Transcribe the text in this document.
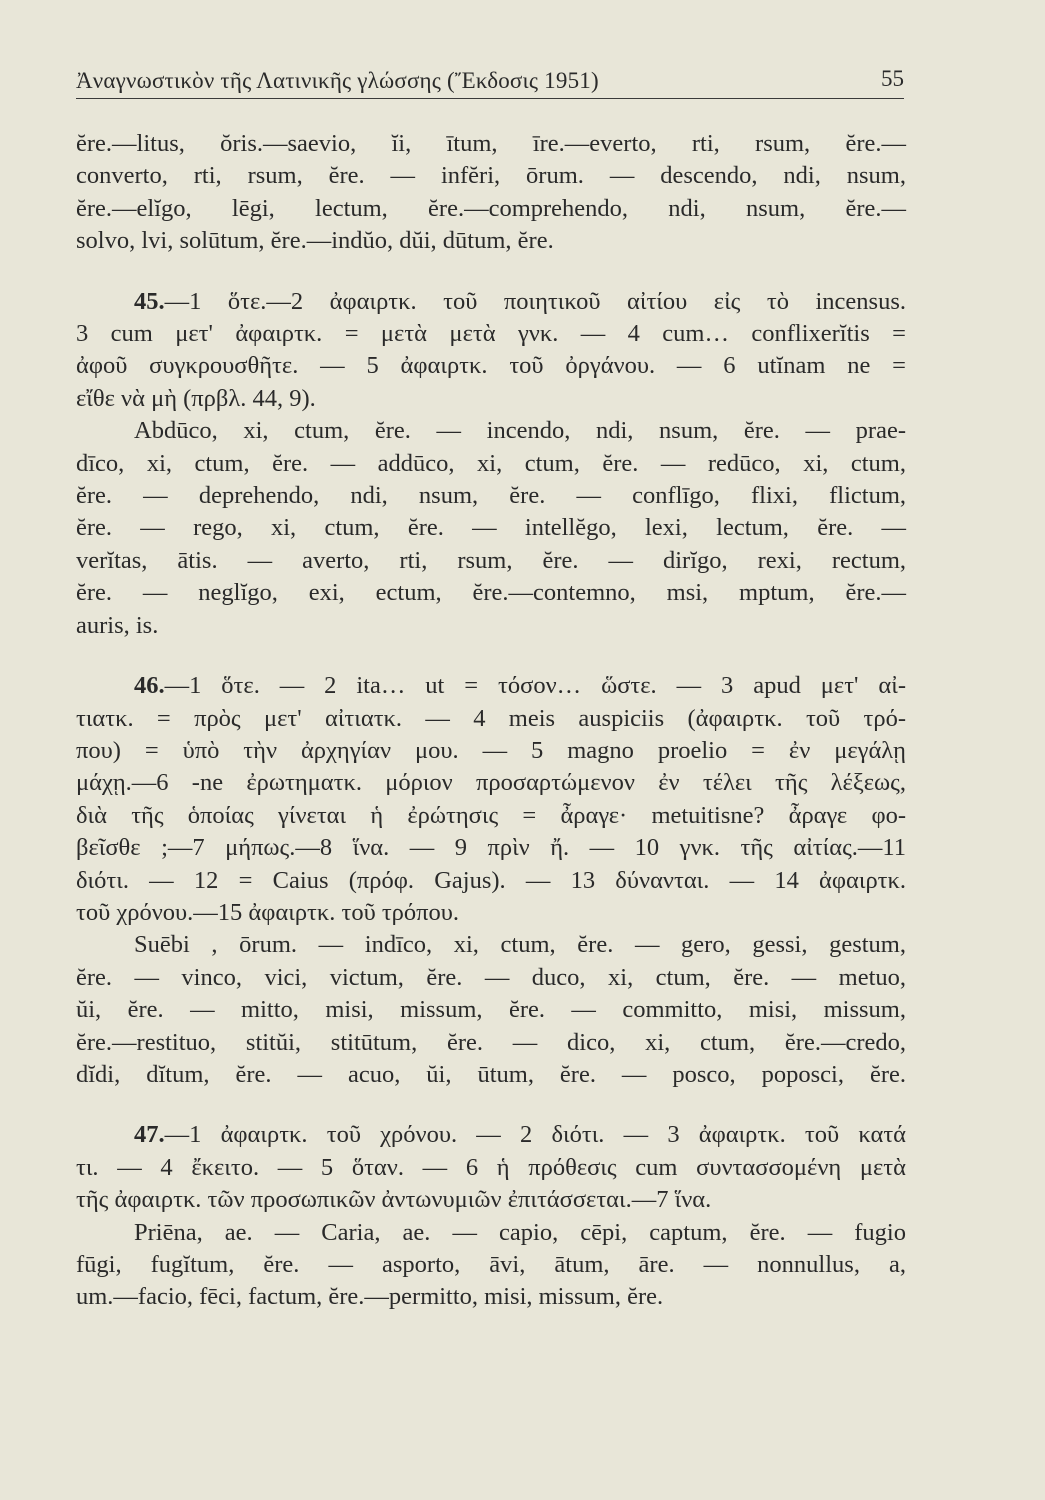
Ἀναγνωστικὸν τῆς Λατινικῆς γλώσσης (Ἔκδοσις 1951)	55
ĕre.—litus, ŏris.—saevio, ĭi, ītum, īre.—everto, rti, rsum, ĕre.—
converto, rti, rsum, ĕre. — infĕri, ōrum. — descendo, ndi, nsum,
ĕre.—elĭgo, lēgi, lectum, ĕre.—comprehendo, ndi, nsum, ĕre.—
solvo, lvi, solūtum, ĕre.—indŭo, dŭi, dūtum, ĕre.
45.—1 ὅτε.—2 ἀφαιρτκ. τοῦ ποιητικοῦ αἰτίου εἰς τὸ incensus.
3 cum μετ' ἀφαιρτκ. = μετὰ μετὰ γνκ. — 4 cum… conflixerĭtis =
ἀφοῦ συγκρουσθῆτε. — 5 ἀφαιρτκ. τοῦ ὀργάνου. — 6 utĭnam ne =
εἴθε νὰ μὴ (πρβλ. 44, 9).
Abdūco, xi, ctum, ĕre. — incendo, ndi, nsum, ĕre. — prae-
dīco, xi, ctum, ĕre. — addūco, xi, ctum, ĕre. — redūco, xi, ctum,
ĕre. — deprehendo, ndi, nsum, ĕre. — conflīgo, flixi, flictum,
ĕre. — rego, xi, ctum, ĕre. — intellĕgo, lexi, lectum, ĕre. —
verĭtas, ātis. — averto, rti, rsum, ĕre. — dirĭgo, rexi, rectum,
ĕre. — neglĭgo, exi, ectum, ĕre.—contemno, msi, mptum, ĕre.—
auris, is.
46.—1 ὅτε. — 2 ita… ut = τόσον… ὥστε. — 3 apud μετ' αἰ-
τιατκ. = πρὸς μετ' αἰτιατκ. — 4 meis auspiciis (ἀφαιρτκ. τοῦ τρό-
που) = ὑπὸ τὴν ἀρχηγίαν μου. — 5 magno proelio = ἐν μεγάλῃ
μάχῃ.—6 -ne ἐρωτηματκ. μόριον προσαρτώμενον ἐν τέλει τῆς λέξεως,
διὰ τῆς ὁποίας γίνεται ἡ ἐρώτησις = ἆραγε· metuitisne? ἆραγε φο-
βεῖσθε ;—7 μήπως.—8 ἵνα. — 9 πρὶν ἤ. — 10 γνκ. τῆς αἰτίας.—11
διότι. — 12 = Caius (πρόφ. Gajus). — 13 δύνανται. — 14 ἀφαιρτκ.
τοῦ χρόνου.—15 ἀφαιρτκ. τοῦ τρόπου.
Suēbi , ōrum. — indīco, xi, ctum, ĕre. — gero, gessi, gestum,
ĕre. — vinco, vici, victum, ĕre. — duco, xi, ctum, ĕre. — metuo,
ŭi, ĕre. — mitto, misi, missum, ĕre. — committo, misi, missum,
ĕre.—restituo, stitŭi, stitūtum, ĕre. — dico, xi, ctum, ĕre.—credo,
dĭdi, dĭtum, ĕre. — acuo, ŭi, ūtum, ĕre. — posco, poposci, ĕre.
47.—1 ἀφαιρτκ. τοῦ χρόνου. — 2 διότι. — 3 ἀφαιρτκ. τοῦ κατά
τι. — 4 ἔκειτο. — 5 ὅταν. — 6 ἡ πρόθεσις cum συντασσομένη μετὰ
τῆς ἀφαιρτκ. τῶν προσωπικῶν ἀντωνυμιῶν ἐπιτάσσεται.—7 ἵνα.
Priēna, ae. — Caria, ae. — capio, cēpi, captum, ĕre. — fugio
fūgi, fugĭtum, ĕre. — asporto, āvi, ātum, āre. — nonnullus, a,
um.—facio, fēci, factum, ĕre.—permitto, misi, missum, ĕre.
